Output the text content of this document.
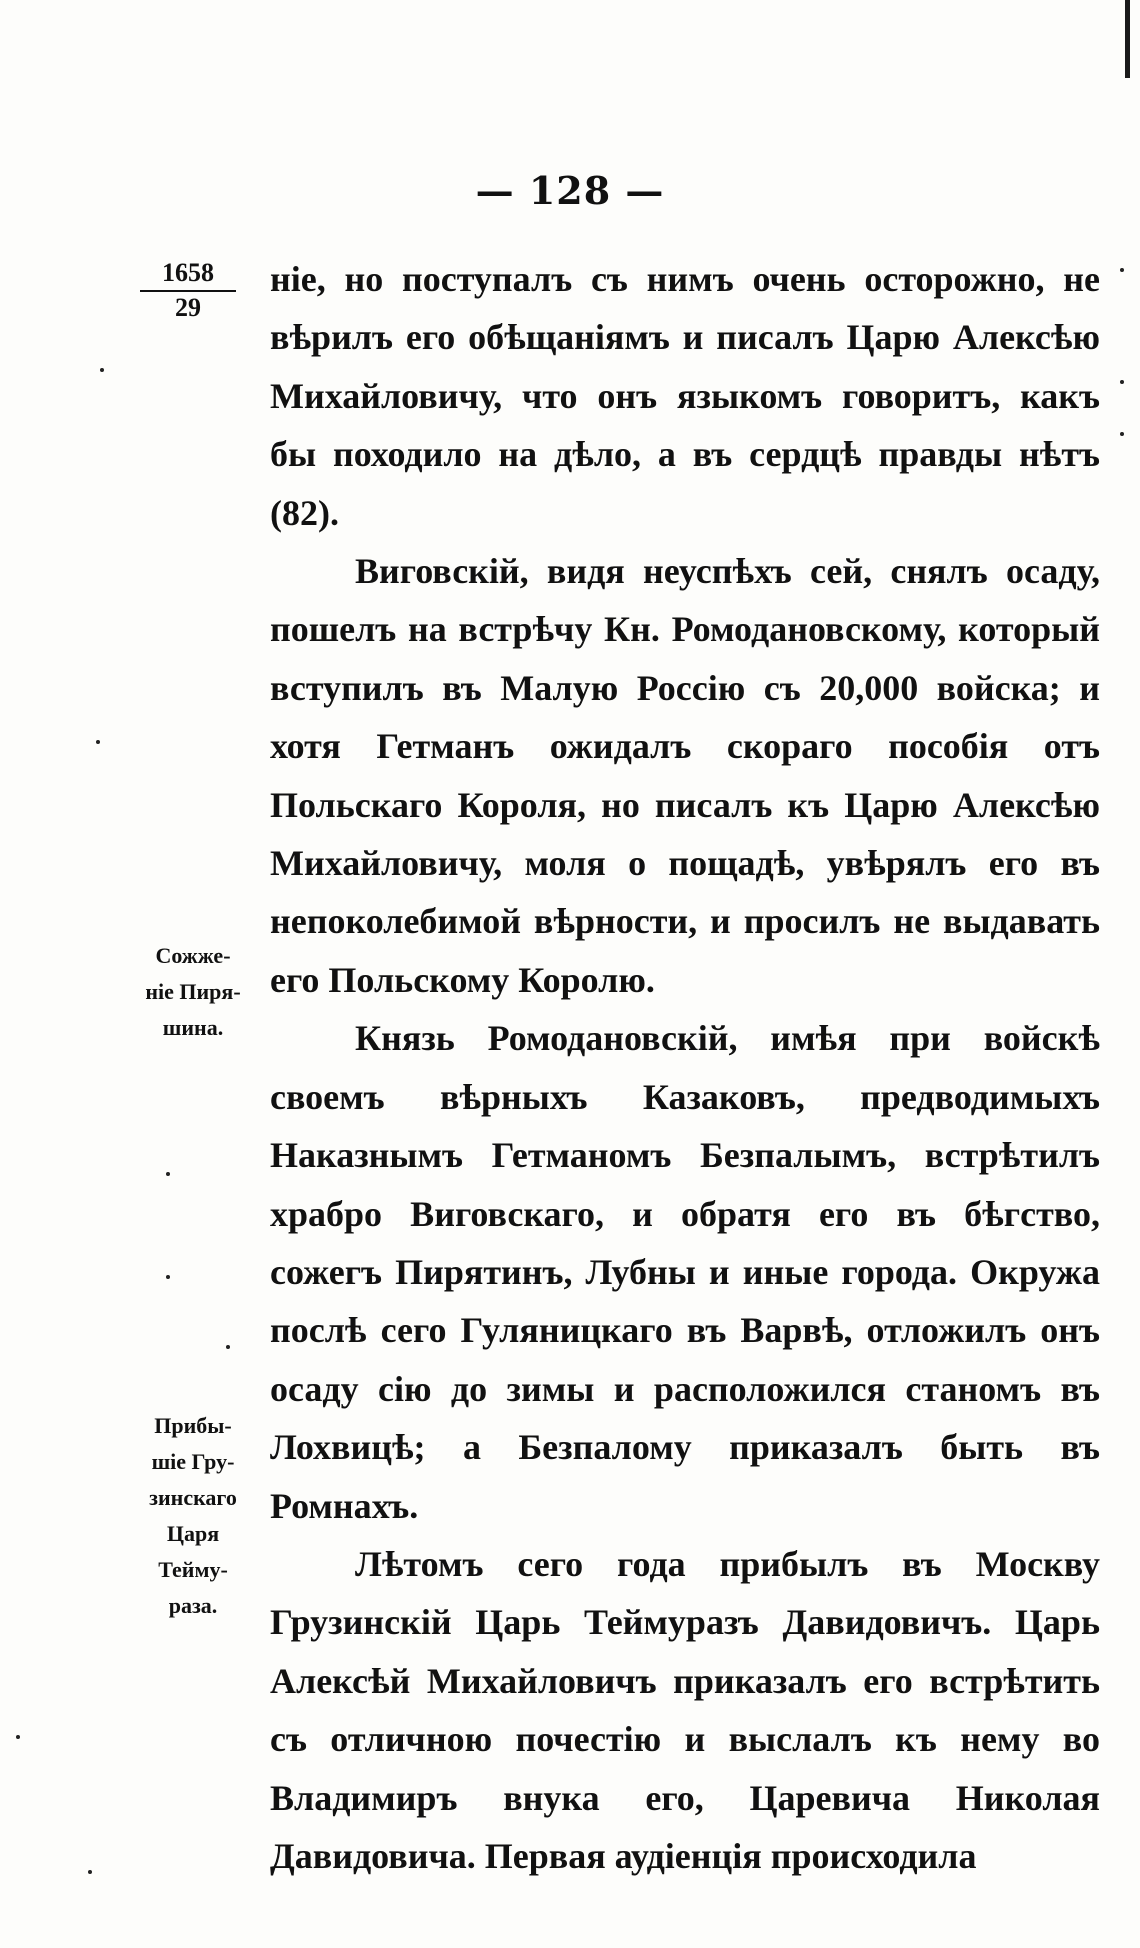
— 128 —
1658
29
Сожже-
ніе Пиря-
шина.
Прибы-
шіе Гру-
зинскаго
Царя
Тейму-
раза.

ніе, но поступалъ съ нимъ очень осторожно, не вѣрилъ его обѣщаніямъ и писалъ Царю Алексѣю Михайловичу, что онъ языкомъ говоритъ, какъ бы походило на дѣло, а въ сердцѣ правды нѣтъ (82).

Виговскій, видя неуспѣхъ сей, снялъ осаду, пошелъ на встрѣчу Кн. Ромодановскому, который вступилъ въ Малую Россію съ 20,000 войска; и хотя Гетманъ ожидалъ скораго пособія отъ Польскаго Короля, но писалъ къ Царю Алексѣю Михайловичу, моля о пощадѣ, увѣрялъ его въ непоколебимой вѣрности, и просилъ не выдавать его Польскому Королю.

Князь Ромодановскій, имѣя при войскѣ своемъ вѣрныхъ Казаковъ, предводимыхъ Наказнымъ Гетманомъ Безпалымъ, встрѣтилъ храбро Виговскаго, и обратя его въ бѣгство, сожегъ Пирятинъ, Лубны и иные города. Окружа послѣ сего Гуляницкаго въ Варвѣ, отложилъ онъ осаду сію до зимы и расположился станомъ въ Лохвицѣ; а Безпалому приказалъ быть въ Ромнахъ.

Лѣтомъ сего года прибылъ въ Москву Грузинскій Царь Теймуразъ Давидовичъ. Царь Алексѣй Михайловичъ приказалъ его встрѣтить съ отличною почестію и выслалъ къ нему во Владимиръ внука его, Царевича Николая Давидовича. Первая аудіенція происходила
